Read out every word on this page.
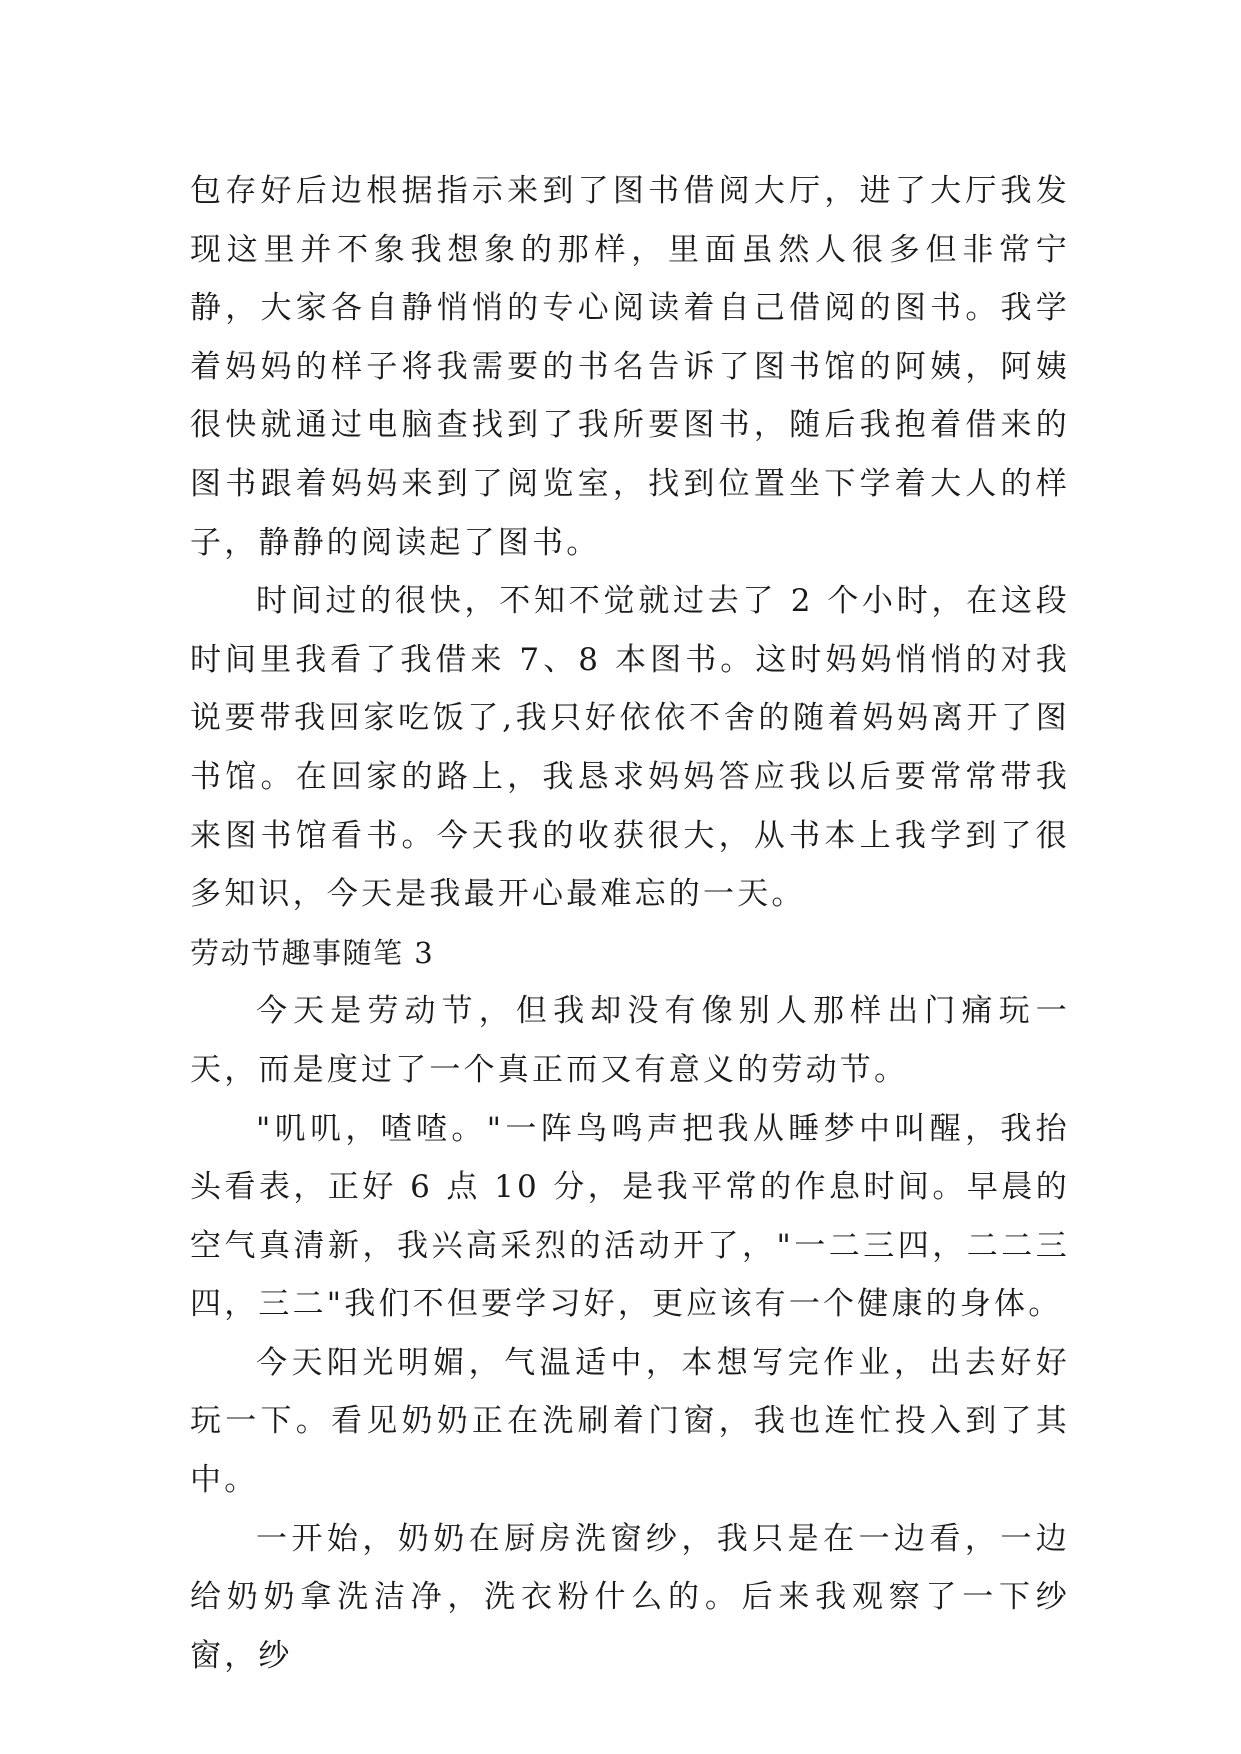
包存好后边根据指示来到了图书借阅大厅，进了大厅我发现这里并不象我想象的那样，里面虽然人很多但非常宁静，大家各自静悄悄的专心阅读着自己借阅的图书。我学着妈妈的样子将我需要的书名告诉了图书馆的阿姨，阿姨很快就通过电脑查找到了我所要图书，随后我抱着借来的图书跟着妈妈来到了阅览室，找到位置坐下学着大人的样子，静静的阅读起了图书。

时间过的很快，不知不觉就过去了 2 个小时，在这段时间里我看了我借来 7、8 本图书。这时妈妈悄悄的对我说要带我回家吃饭了,我只好依依不舍的随着妈妈离开了图书馆。在回家的路上，我恳求妈妈答应我以后要常常带我来图书馆看书。今天我的收获很大，从书本上我学到了很多知识，今天是我最开心最难忘的一天。

劳动节趣事随笔 3

今天是劳动节，但我却没有像别人那样出门痛玩一天，而是度过了一个真正而又有意义的劳动节。

"叽叽，喳喳。"一阵鸟鸣声把我从睡梦中叫醒，我抬头看表，正好 6 点 10 分，是我平常的作息时间。早晨的空气真清新，我兴高采烈的活动开了，"一二三四，二二三四，三二"我们不但要学习好，更应该有一个健康的身体。

今天阳光明媚，气温适中，本想写完作业，出去好好玩一下。看见奶奶正在洗刷着门窗，我也连忙投入到了其中。

一开始，奶奶在厨房洗窗纱，我只是在一边看，一边给奶奶拿洗洁净，洗衣粉什么的。后来我观察了一下纱窗，纱
